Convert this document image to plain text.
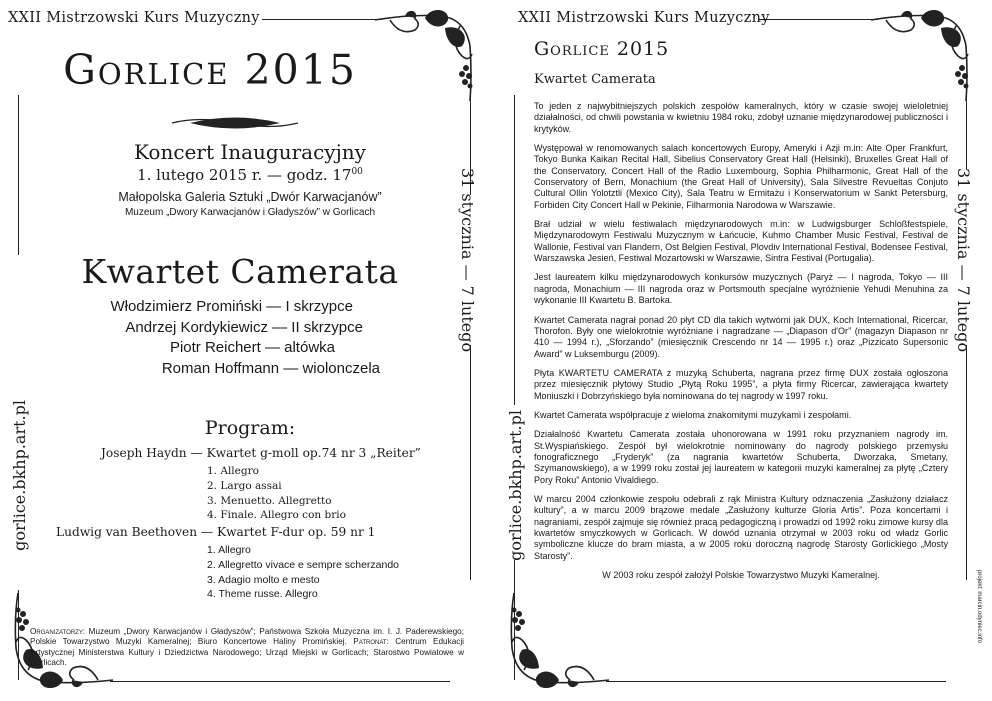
XXII Mistrzowski Kurs Muzyczny
Gorlice 2015
Koncert Inauguracyjny
1. lutego 2015 r. — godz. $17^{00}$
Małopolska Galeria Sztuki „Dwór Karwacjanów”
Muzeum „Dwory Karwacjanów i Gładyszów” w Gorlicach
Kwartet Camerata
Włodzimierz Promiński — I skrzypce
Andrzej Kordykiewicz — II skrzypce
Piotr Reichert — altówka
Roman Hoffmann — wiolonczela
Program:
Joseph Haydn — Kwartet g-moll op.74 nr 3 „Reiter”
1. Allegro
2. Largo assai
3. Menuetto. Allegretto
4. Finale. Allegro con brio
Ludwig van Beethoven — Kwartet F-dur op. 59 nr 1
1. Allegro
2. Allegretto vivace e sempre scherzando
3. Adagio molto e mesto
4. Theme russe. Allegro
Organizatorzy: Muzeum „Dwory Karwacjanów i Gładyszów”; Państwowa Szkoła Muzyczna im. I. J. Paderewskiego; Polskie Towarzystwo Muzyki Kameralnej; Biuro Koncertowe Haliny Promińskiej. Patronat: Centrum Edukacji Artystycznej Ministerstwa Kultury i Dziedzictwa Narodowego; Urząd Miejski w Gorlicach; Starostwo Powiatowe w Gorlicach.
31 stycznia — 7 lutego
gorlice.bkhp.art.pl
XXII Mistrzowski Kurs Muzyczny
Gorlice 2015
Kwartet Camerata

To jeden z najwybitniejszych polskich zespołów kameralnych, który w czasie swojej wieloletniej działalności, od chwili powstania w kwietniu 1984 roku, zdobył uznanie międzynarodowej publiczności i krytyków.

Występował w renomowanych salach koncertowych Europy, Ameryki i Azji m.in: Alte Oper Frankfurt, Tokyo Bunka Kaikan Recital Hall, Sibelius Conservatory Great Hall (Helsinki), Bruxelles Great Hall of the Conservatory, Concert Hall of the Radio Luxembourg, Sophia Philharmonic, Great Hall of the Conservatory of Bern, Monachium (the Great Hall of University), Sala Silvestre Revueltas Conjuto Cultural Ollin Yolotztli (Mexico City), Sala Teatru w Ermitażu i Konserwatorium w Sankt Petersburg, Forbiden City Concert Hall w Pekinie, Filharmonia Narodowa w Warszawie.

Brał udział w wielu festiwalach międzynarodowych m.in: w Ludwigsburger Schloßfestspiele, Międzynarodowym Festiwalu Muzycznym w Łańcucie, Kuhmo Chamber Music Festival, Festival de Wallonie, Festival van Flandern, Ost Belgien Festival, Plovdiv International Festival, Bodensee Festival, Warszawska Jesień, Festiwal Mozartowski w Warszawie, Sintra Festival (Portugalia).

Jest laureatem kilku międzynarodowych konkursów muzycznych (Paryż — I nagroda, Tokyo — III nagroda, Monachium — III nagroda oraz w Portsmouth specjalne wyróżnienie Yehudi Menuhina za wykonanie III Kwartetu B. Bartoka.

Kwartet Camerata nagrał ponad 20 płyt CD dla takich wytwórni jak DUX, Koch International, Ricercar, Thorofon. Były one wielokrotnie wyróżniane i nagradzane — „Diapason d'Or” (magazyn Diapason nr 410 — 1994 r.), „Sforzando” (miesięcznik Crescendo nr 14 — 1995 r.) oraz „Pizzicato Supersonic Award” w Luksemburgu (2009).

Płyta KWARTETU CAMERATA z muzyką Schuberta, nagrana przez firmę DUX została ogłoszona przez miesięcznik płytowy Studio „Płytą Roku 1995”, a płyta firmy Ricercar, zawierająca kwartety Moniuszki i Dobrzyńskiego była nominowana do tej nagrody w 1997 roku.

Kwartet Camerata współpracuje z wieloma znakomitymi muzykami i zespołami.

Działalność Kwartetu Camerata została uhonorowana w 1991 roku przyznaniem nagrody im. St.Wyspiańskiego. Zespół był wielokrotnie nominowany do nagrody polskiego przemysłu fonograficznego „Fryderyk” (za nagrania kwartetów Schuberta, Dworzaka, Smetany, Szymanowskiego), a w 1999 roku został jej laureatem w kategorii muzyki kameralnej za płytę „Cztery Pory Roku” Antonio Vivaldiego.

W marcu 2004 członkowie zespołu odebrali z rąk Ministra Kultury odznaczenia „Zasłużony działacz kultury”, a w marcu 2009 brązowe medale „Zasłużony kulturze Gloria Artis”. Poza koncertami i nagraniami, zespół zajmuje się również pracą pedagogiczną i prowadzi od 1992 roku zimowe kursy dla kwartetów smyczkowych w Gorlicach. W dowód uznania otrzymał w 2003 roku od władz Gorlic symboliczne klucze do bram miasta, a w 2005 roku doroczną nagrodę Starosty Gorlickiego „Mosty Starosty”.

W 2003 roku zespół założył Polskie Towarzystwo Muzyki Kameralnej.

31 stycznia — 7 lutego
gorlice.bkhp.art.pl
projekt: marcin.odyniec.info
